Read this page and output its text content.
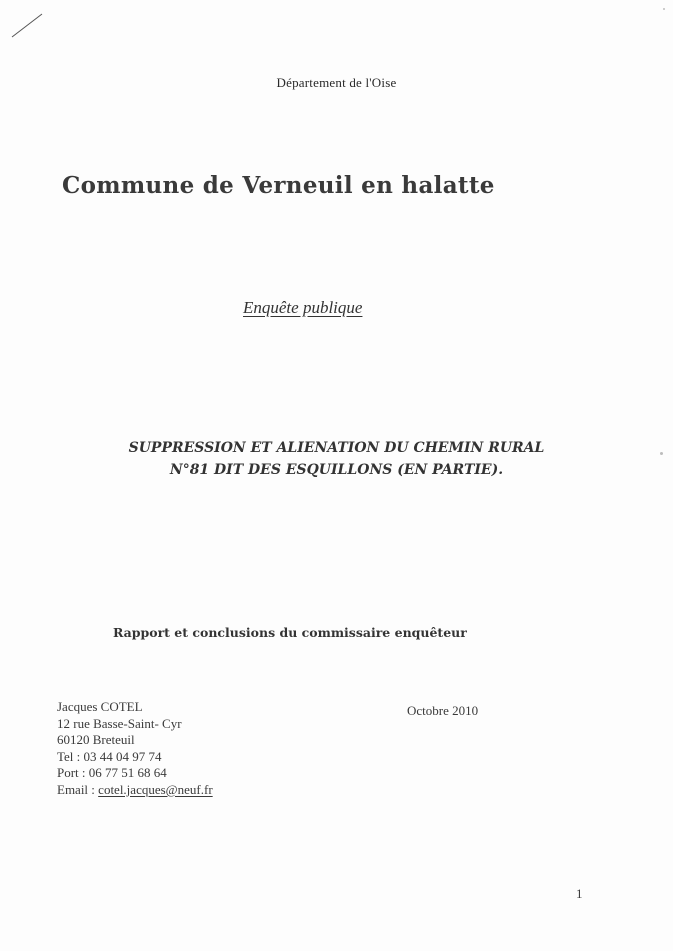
Département de l'Oise
Commune de Verneuil en halatte
Enquête publique
SUPPRESSION ET ALIENATION DU CHEMIN RURAL
N°81 DIT DES ESQUILLONS (EN PARTIE).
Rapport et conclusions du commissaire enquêteur
Jacques COTEL
12 rue Basse-Saint- Cyr
60120 Breteuil
Tel : 03 44 04 97 74
Port : 06 77 51 68 64
Email : cotel.jacques@neuf.fr
Octobre 2010
1
